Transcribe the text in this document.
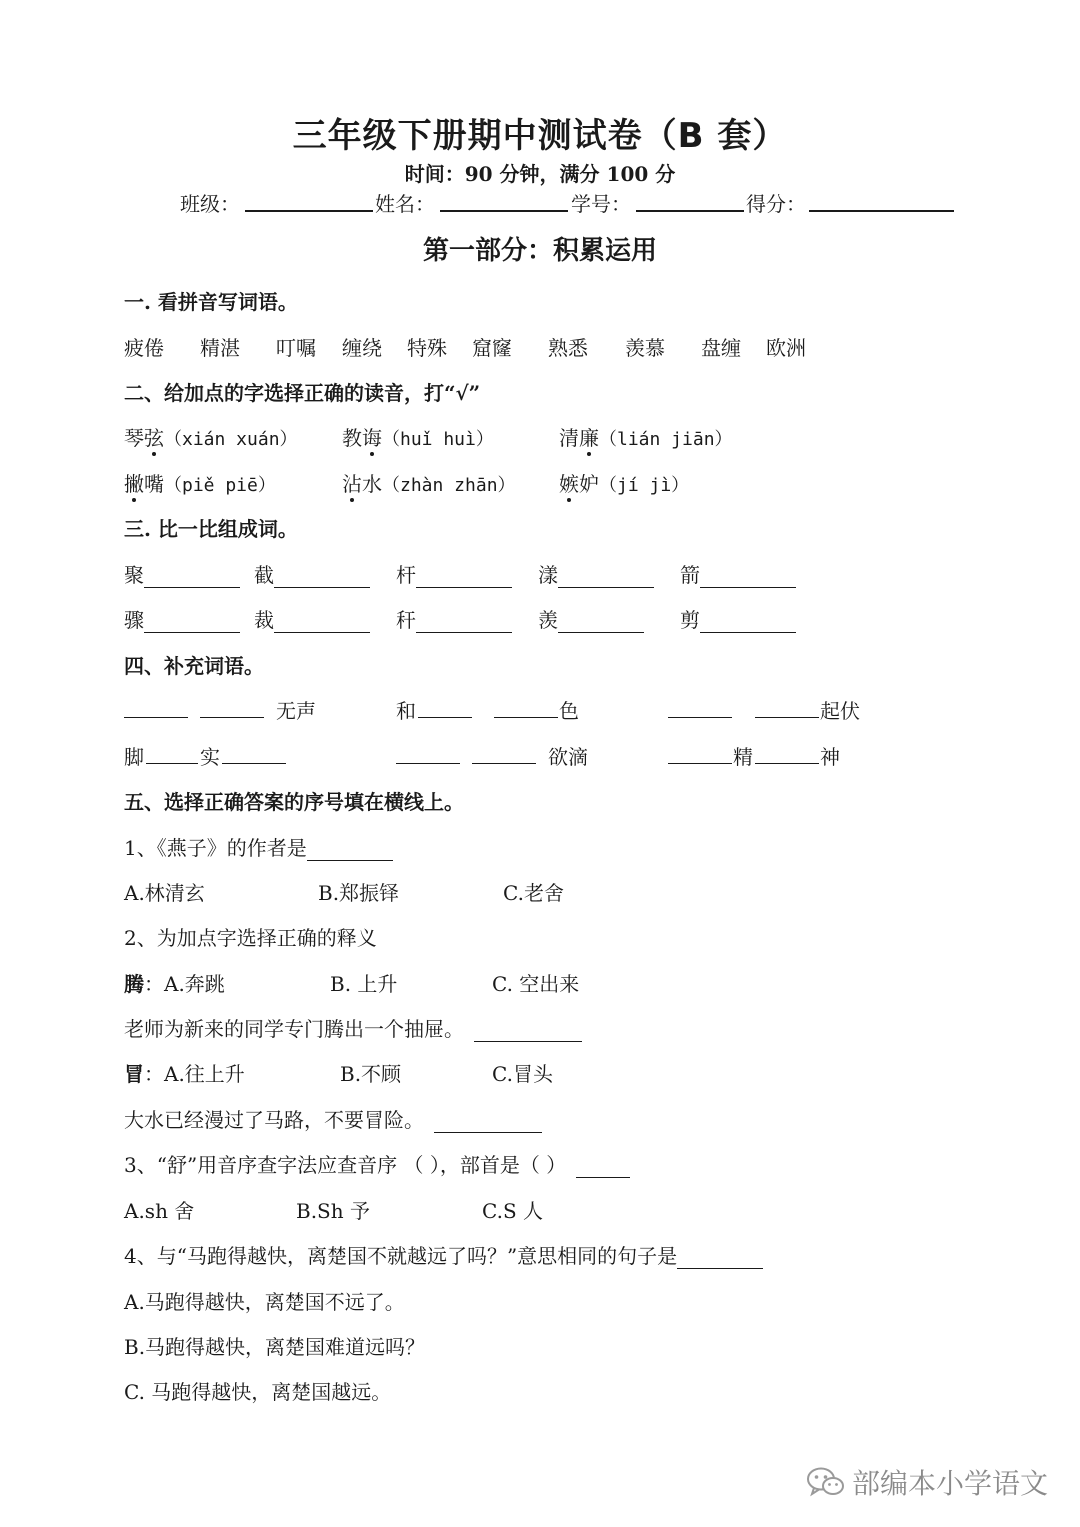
三年级下册期中测试卷（B 套）
时间：90 分钟，满分 100 分
班级：	姓名：	学号：	得分：
第一部分：积累运用
一. 看拼音写词语。
疲倦 精湛 叮嘱 缠绕 特殊 窟窿 熟悉 羡慕 盘缠 欧洲
二、给加点的字选择正确的读音，打“√”
琴弦（xián xuán） 教诲（huǐ huì）	清廉（lián jiān）
撇嘴（piě piē）	沾水（zhàn zhān） 嫉妒（jí jì）
三. 比一比组成词。
聚	截	杆	漾	箭
骤	裁	秆	羡	剪
四、补充词语。
无声	和	色	起伏
脚	实	欲滴	精	神
五、选择正确答案的序号填在横线上。
1、《燕子》的作者是
A.林清玄	B.郑振铎	C.老舍
2、为加点字选择正确的释义
腾：A.奔跳	B. 上升	C. 空出来
老师为新来的同学专门腾出一个抽屉。
冒：A.往上升	B.不顾	C.冒头
大水已经漫过了马路，不要冒险。
3、“舒”用音序查字法应查音序 （ ），部首是（ ）
A.sh 舍	B.Sh 予	C.S 人
4、与“马跑得越快，离楚国不就越远了吗？”意思相同的句子是
A.马跑得越快，离楚国不远了。
B.马跑得越快，离楚国难道远吗？
C. 马跑得越快，离楚国越远。
部编本小学语文
